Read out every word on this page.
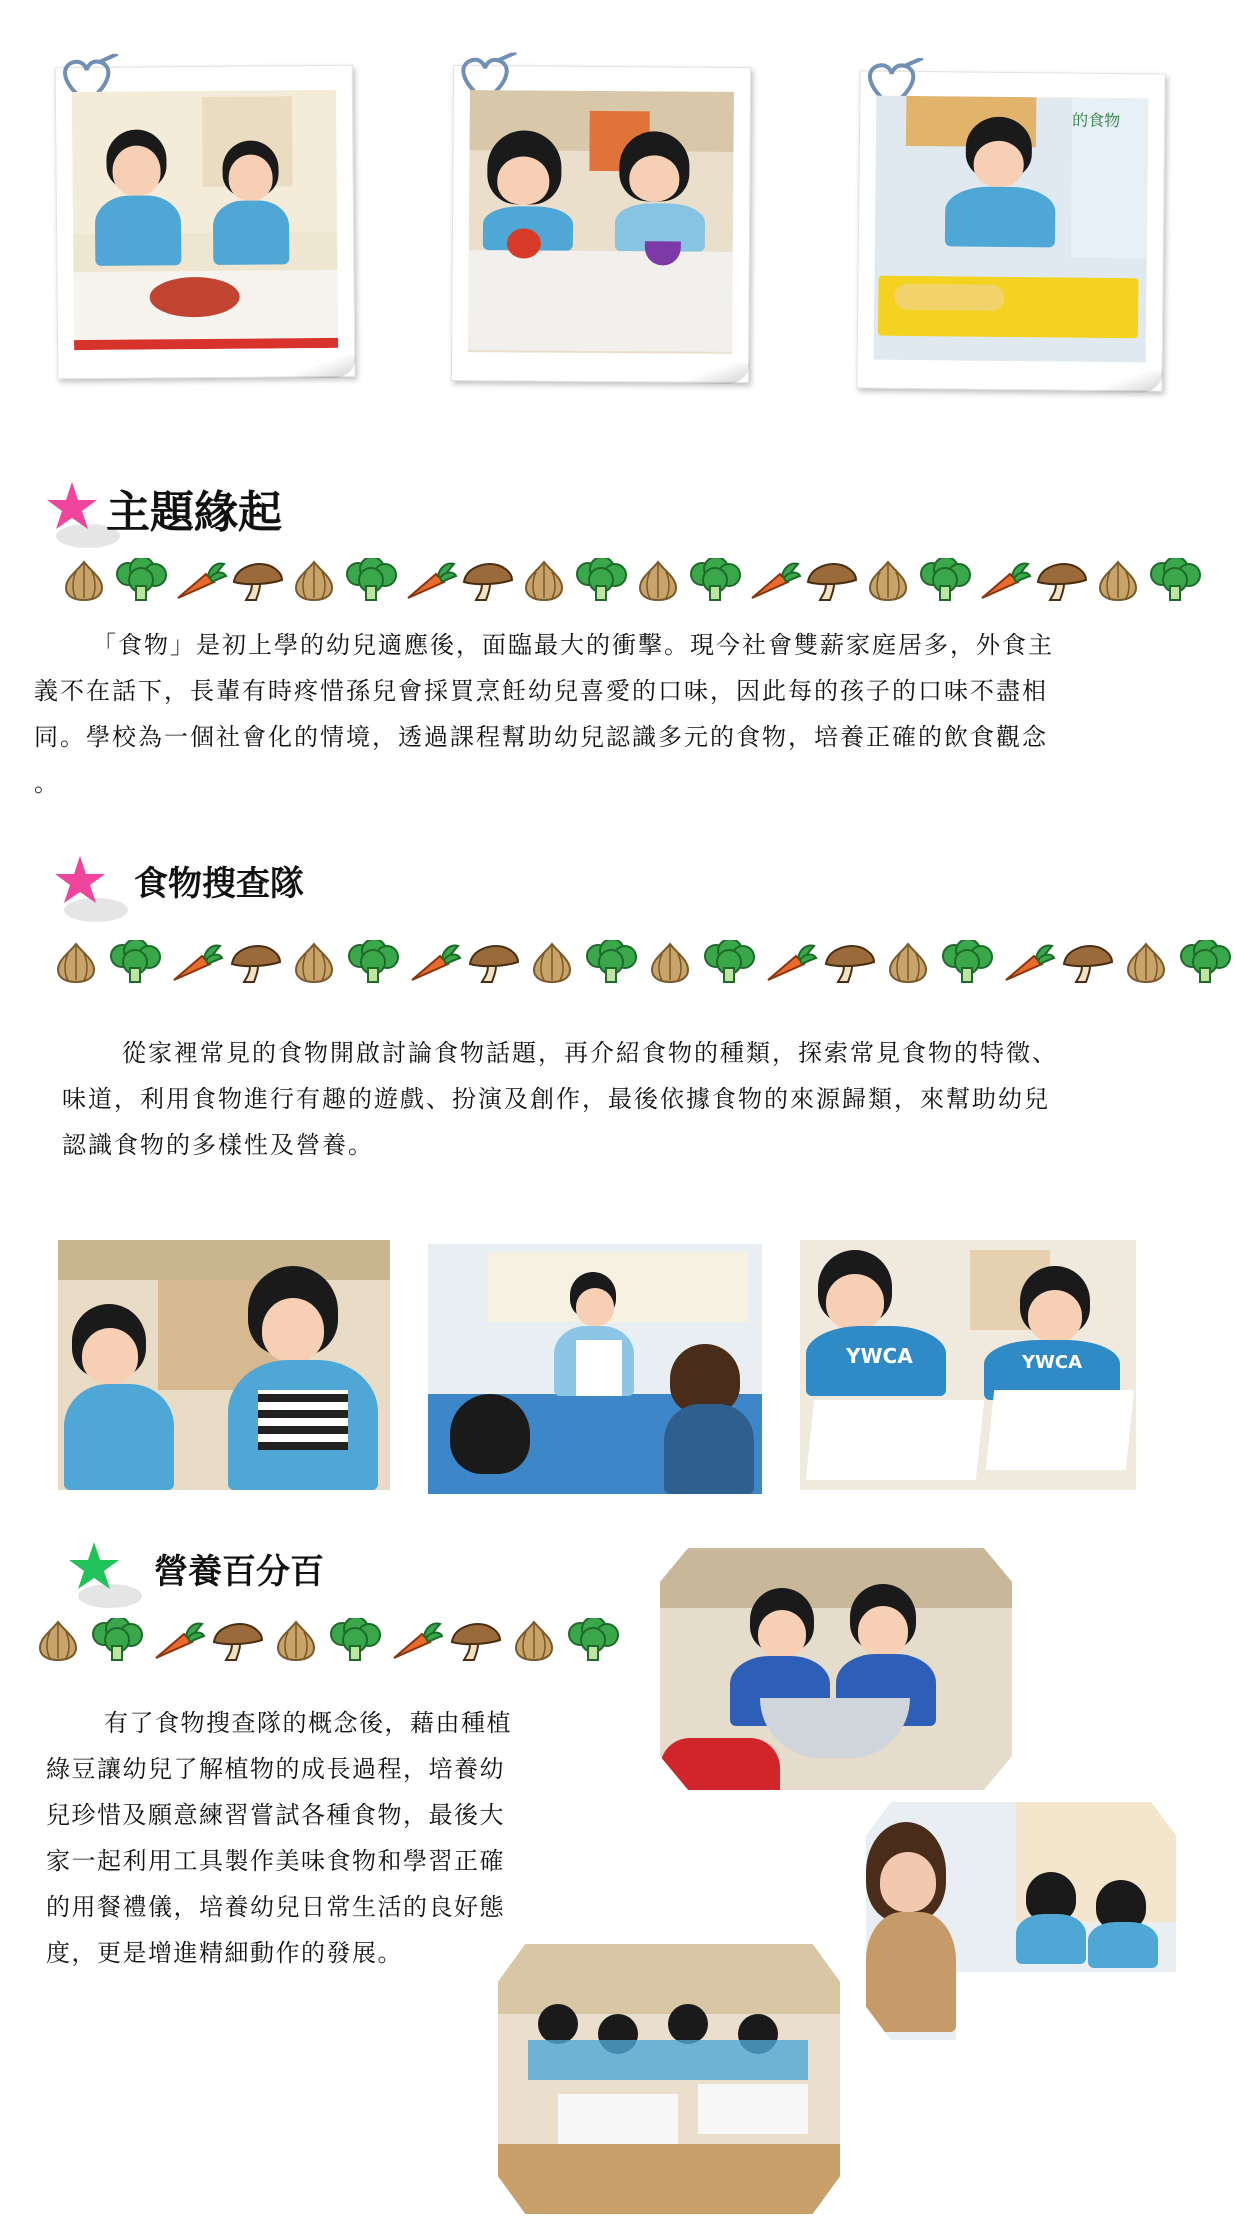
的食物
主題緣起
「食物」是初上學的幼兒適應後，面臨最大的衝擊。現今社會雙薪家庭居多，外食主
義不在話下，長輩有時疼惜孫兒會採買烹飪幼兒喜愛的口味，因此每的孩子的口味不盡相
同。學校為一個社會化的情境，透過課程幫助幼兒認識多元的食物，培養正確的飲食觀念
。
食物搜查隊
從家裡常見的食物開啟討論食物話題，再介紹食物的種類，探索常見食物的特徵、
味道，利用食物進行有趣的遊戲、扮演及創作，最後依據食物的來源歸類，來幫助幼兒
認識食物的多樣性及營養。
YWCA	YWCA
營養百分百
有了食物搜查隊的概念後，藉由種植
綠豆讓幼兒了解植物的成長過程，培養幼
兒珍惜及願意練習嘗試各種食物，最後大
家一起利用工具製作美味食物和學習正確
的用餐禮儀，培養幼兒日常生活的良好態
度，更是增進精細動作的發展。
